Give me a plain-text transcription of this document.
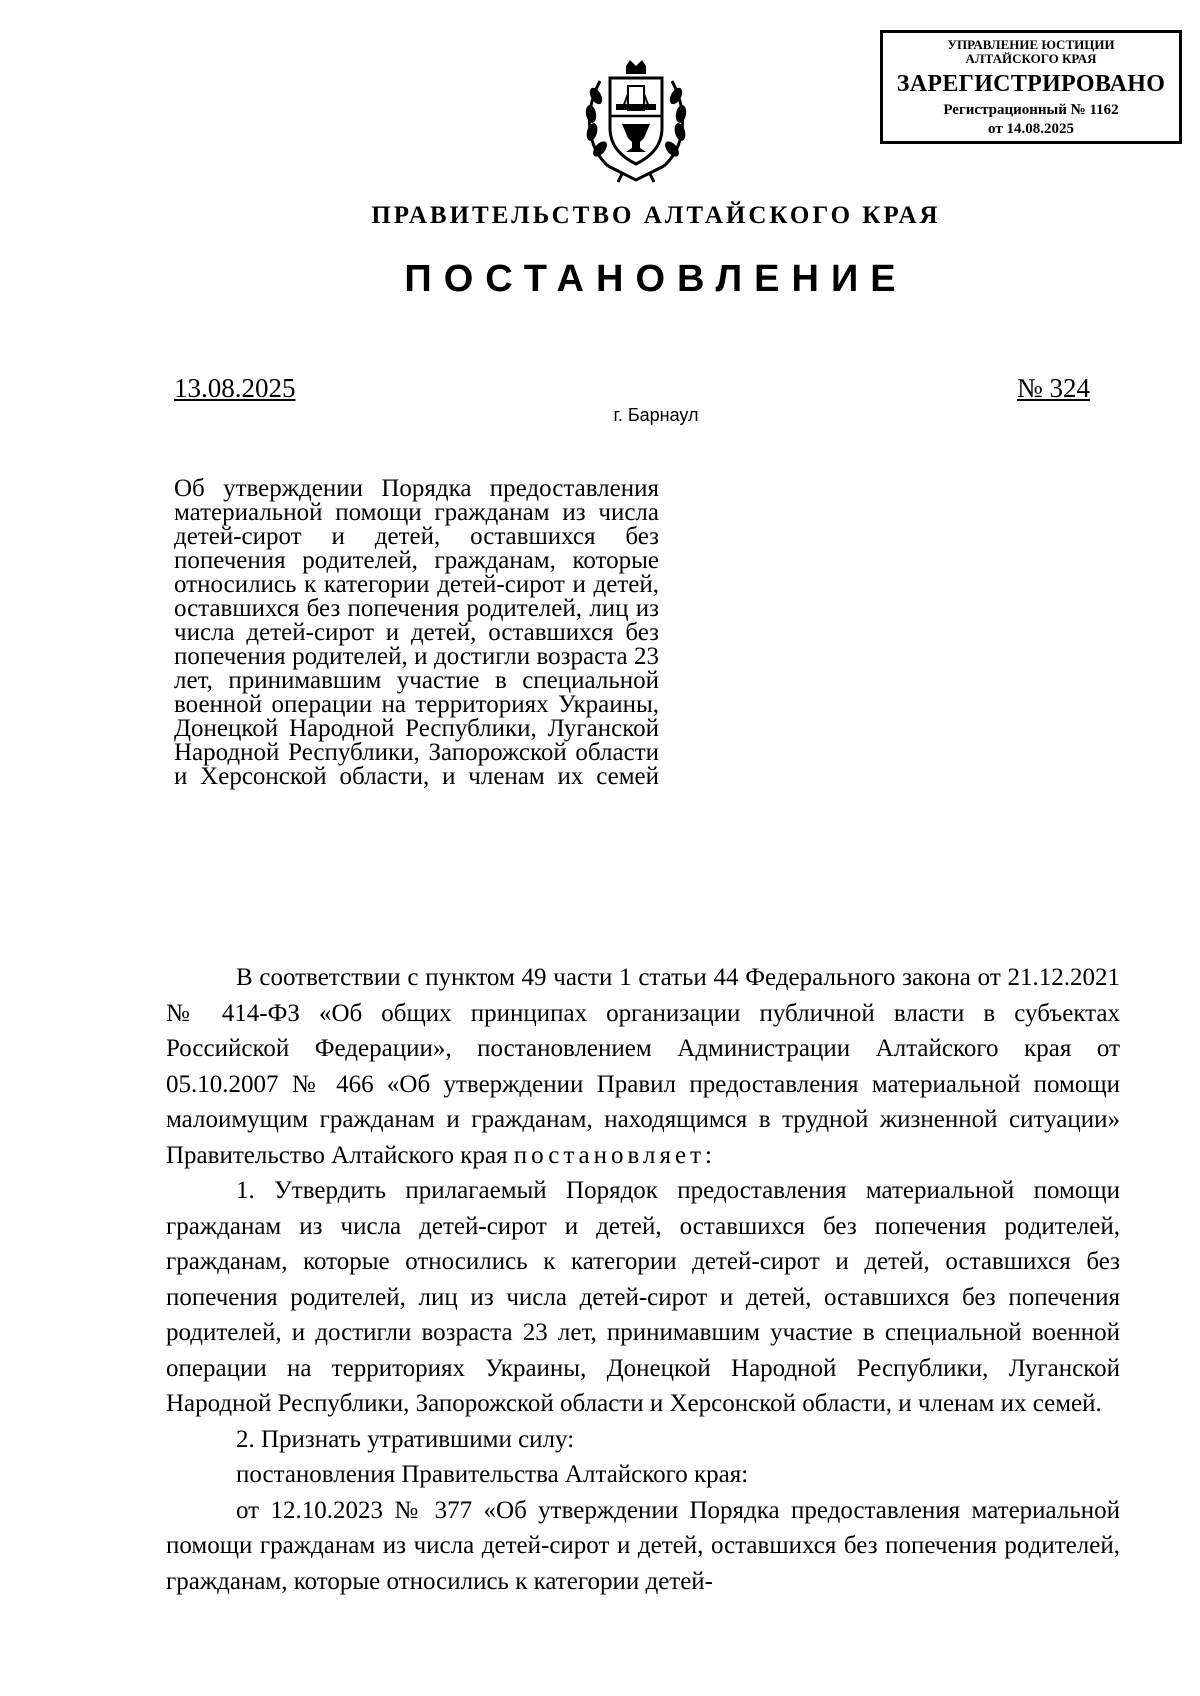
УПРАВЛЕНИЕ ЮСТИЦИИ
АЛТАЙСКОГО КРАЯ
ЗАРЕГИСТРИРОВАНО
Регистрационный № 1162
от 14.08.2025
ПРАВИТЕЛЬСТВО АЛТАЙСКОГО КРАЯ
ПОСТАНОВЛЕНИЕ
13.08.2025	№ 324
г. Барнаул
Об утверждении Порядка предоставления материальной помощи гражданам из числа детей-сирот и детей, оставшихся без попечения родителей, гражданам, которые относились к категории детей-сирот и детей, оставшихся без попечения родителей, лиц из числа детей-сирот и детей, оставшихся без попечения родителей, и достигли возраста 23 лет, принимавшим участие в специальной военной операции на территориях Украины, Донецкой Народной Республики, Луганской Народной Республики, Запорожской области и Херсонской области, и членам их семей

В соответствии с пунктом 49 части 1 статьи 44 Федерального закона от 21.12.2021 № 414-ФЗ «Об общих принципах организации публичной власти в субъектах Российской Федерации», постановлением Администрации Алтайского края от 05.10.2007 № 466 «Об утверждении Правил предоставления материальной помощи малоимущим гражданам и гражданам, находящимся в трудной жизненной ситуации» Правительство Алтайского края постановляет:

1. Утвердить прилагаемый Порядок предоставления материальной помощи гражданам из числа детей-сирот и детей, оставшихся без попечения родителей, гражданам, которые относились к категории детей-сирот и детей, оставшихся без попечения родителей, лиц из числа детей-сирот и детей, оставшихся без попечения родителей, и достигли возраста 23 лет, принимавшим участие в специальной военной операции на территориях Украины, Донецкой Народной Республики, Луганской Народной Республики, Запорожской области и Херсонской области, и членам их семей.

2. Признать утратившими силу:

постановления Правительства Алтайского края:

от 12.10.2023 № 377 «Об утверждении Порядка предоставления материальной помощи гражданам из числа детей-сирот и детей, оставшихся без попечения родителей, гражданам, которые относились к категории детей-
